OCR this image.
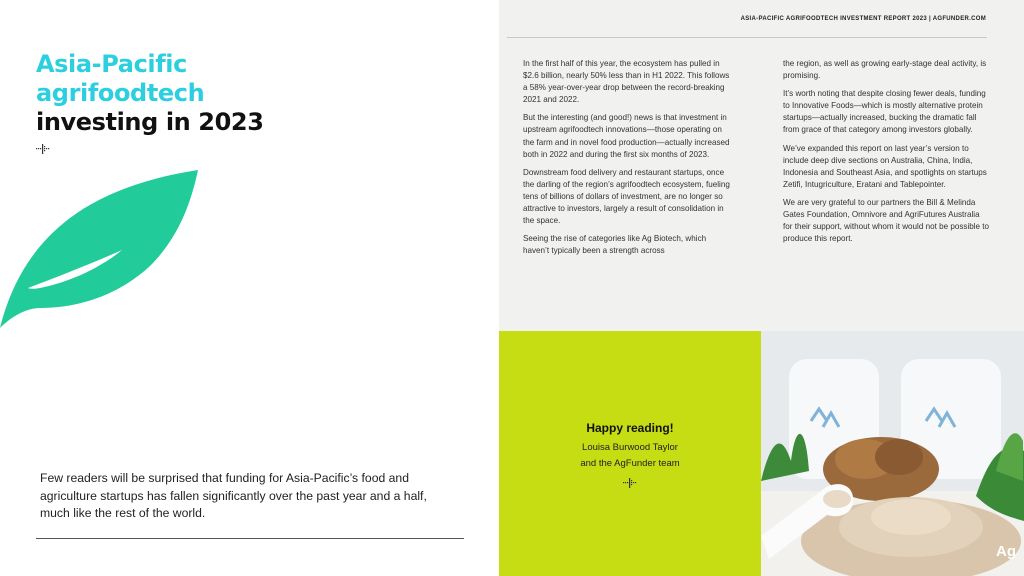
Asia-Pacific
agrifoodtech
investing in 2023

Few readers will be surprised that funding for Asia-Pacific’s food and agriculture startups has fallen significantly over the past year and a half, much like the rest of the world.

ASIA-PACIFIC AGRIFOODTECH INVESTMENT REPORT 2023 | AGFUNDER.COM

In the first half of this year, the ecosystem has pulled in $2.6 billion, nearly 50% less than in H1 2022. This follows a 58% year-over-year drop between the record-breaking 2021 and 2022.

But the interesting (and good!) news is that investment in upstream agrifoodtech innovations—those operating on the farm and in novel food production—actually increased both in 2022 and during the first six months of 2023.

Downstream food delivery and restaurant startups, once the darling of the region’s agrifoodtech ecosystem, fueling tens of billions of dollars of investment, are no longer so attractive to investors, largely a result of consolidation in the space.

Seeing the rise of categories like Ag Biotech, which haven’t typically been a strength across

the region, as well as growing early-stage deal activity, is promising.

It’s worth noting that despite closing fewer deals, funding to Innovative Foods—which is mostly alternative protein startups—actually increased, bucking the dramatic fall from grace of that category among investors globally.

We’ve expanded this report on last year’s version to include deep dive sections on Australia, China, India, Indonesia and Southeast Asia, and spotlights on startups Zetifi, Intugriculture, Eratani and Tablepointer.

We are very grateful to our partners the Bill & Melinda Gates Foundation, Omnivore and AgriFutures Australia for their support, without whom it would not be possible to produce this report.

Happy reading!
Louisa Burwood Taylor
and the AgFunder team
Ag
